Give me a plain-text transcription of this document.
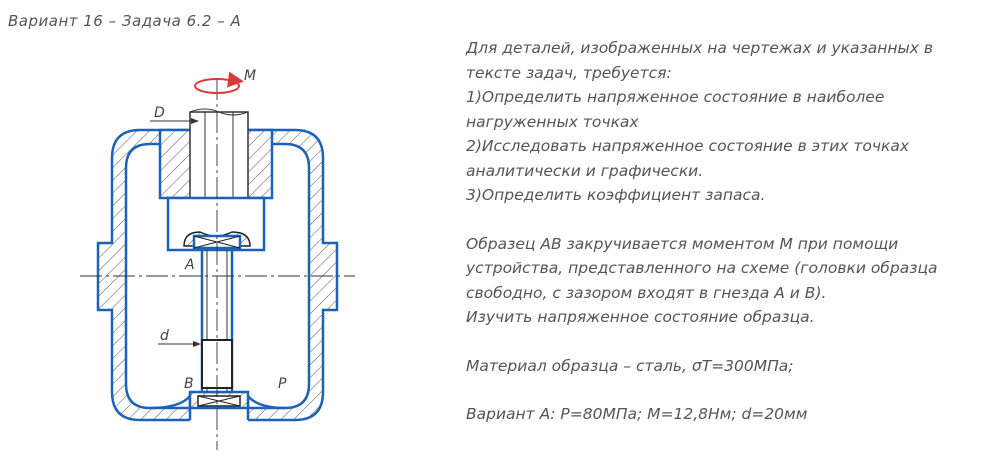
Вариант 16 – Задача 6.2 – А
M
D
d
A
B	P

Для деталей, изображенных на чертежах и указанных в

тексте задач, требуется:

1)Определить напряженное состояние в наиболее

нагруженных точках

2)Исследовать напряженное состояние в этих точках

аналитически и графически.

3)Определить коэффициент запаса.

Образец AB закручивается моментом M при помощи

устройства, представленного на схеме (головки образца

свободно, с зазором входят в гнезда A и B).

Изучить напряженное состояние образца.

Материал образца – сталь, σТ=300МПа;

Вариант А: P=80МПа; M=12,8Нм; d=20мм
